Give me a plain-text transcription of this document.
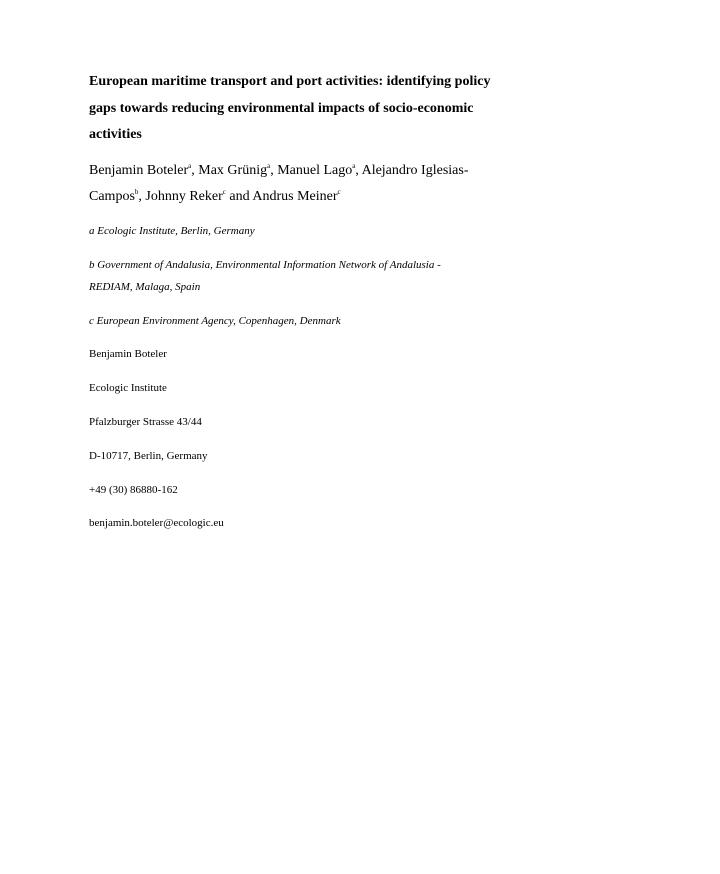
European maritime transport and port activities: identifying policy
gaps towards reducing environmental impacts of socio-economic
activities
Benjamin Boteler$^a$, Max Grünig$^a$, Manuel Lago$^a$, Alejandro Iglesias-
Campos$^b$, Johnny Reker$^c$ and Andrus Meiner$^c$
a Ecologic Institute, Berlin, Germany
b Government of Andalusia, Environmental Information Network of Andalusia -
REDIAM, Malaga, Spain
c European Environment Agency, Copenhagen, Denmark
Benjamin Boteler
Ecologic Institute
Pfalzburger Strasse 43/44
D-10717, Berlin, Germany
+49 (30) 86880-162
benjamin.boteler@ecologic.eu
